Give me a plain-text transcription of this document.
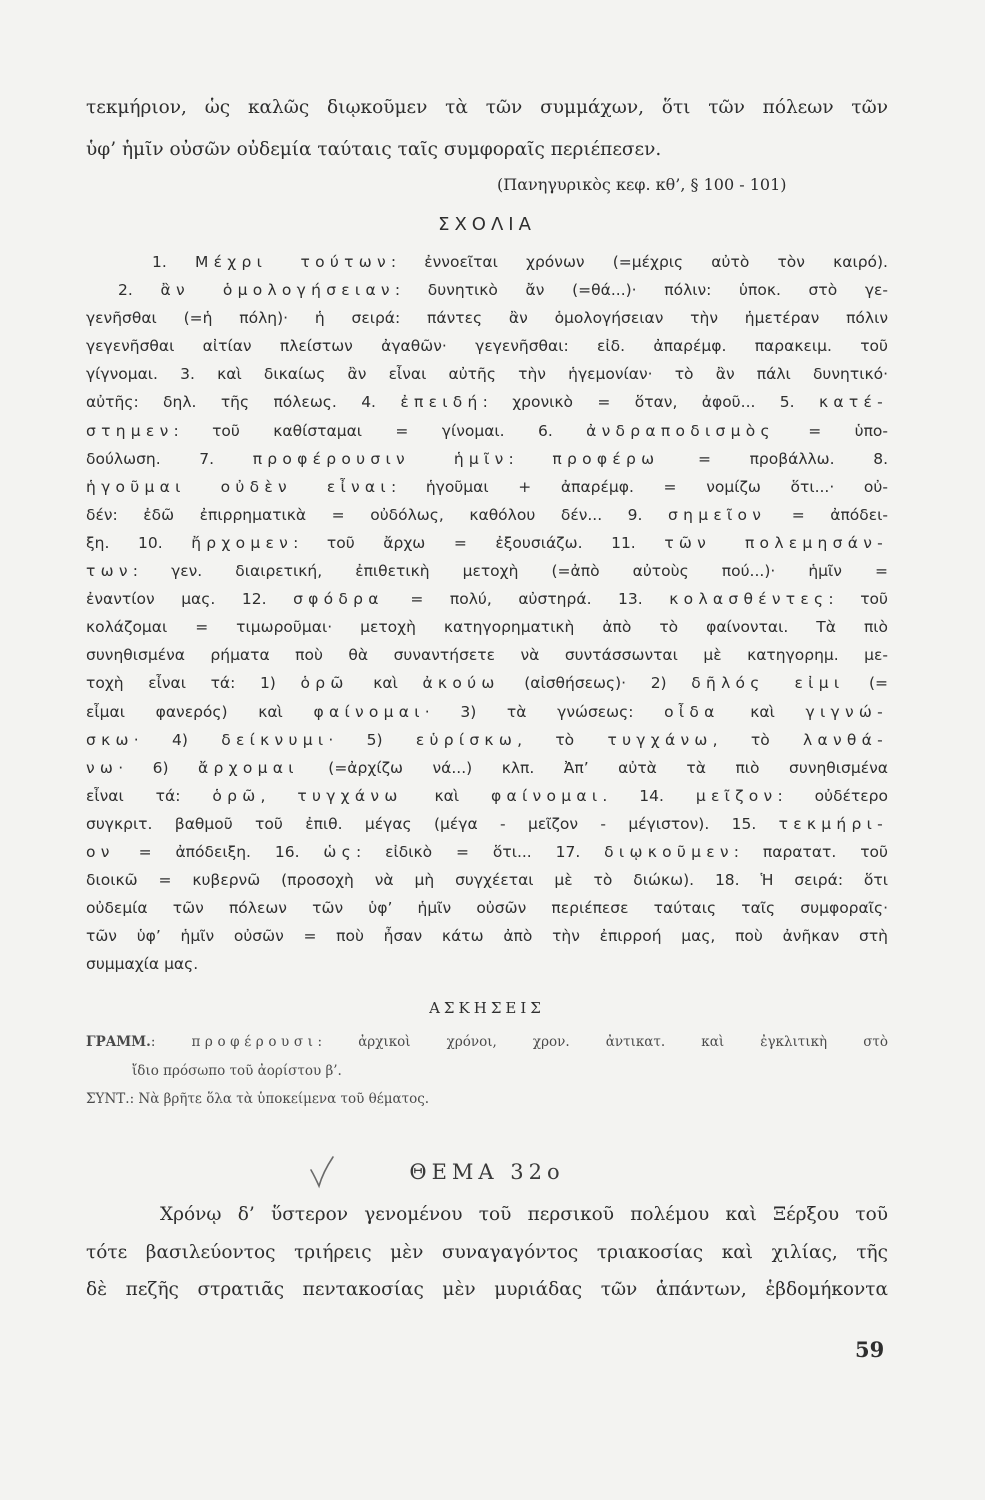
τεκμήριον, ὡς καλῶς διῳκοῦμεν τὰ τῶν συμμάχων, ὅτι τῶν πόλεων τῶν
ὑφ’ ἡμῖν οὐσῶν οὐδεμία ταύταις ταῖς συμφοραῖς περιέπεσεν.
(Πανηγυρικὸς κεφ. κθ’, § 100 - 101)
ΣΧΟΛΙΑ
1. Μέχρι τούτων: ἐννοεῖται χρόνων (=μέχρις αὐτὸ τὸν καιρό).
2. ἂν ὁμολογήσειαν: δυνητικὸ ἄν (=θά...)· πόλιν: ὑποκ. στὸ γε-
γενῆσθαι (=ἡ πόλη)· ἡ σειρά: πάντες ἂν ὁμολογήσειαν τὴν ἡμετέραν πόλιν
γεγενῆσθαι αἰτίαν πλείστων ἀγαθῶν· γεγενῆσθαι: εἰδ. ἀπαρέμφ. παρακειμ. τοῦ
γίγνομαι. 3. καὶ δικαίως ἂν εἶναι αὐτῆς τὴν ἡγεμονίαν· τὸ ἂν πάλι δυνητικό·
αὐτῆς: δηλ. τῆς πόλεως. 4. ἐπειδή: χρονικὸ = ὅταν, ἀφοῦ... 5. κατέ-
στημεν: τοῦ καθίσταμαι = γίνομαι. 6. ἀνδραποδισμὸς = ὑπο-
δούλωση. 7. προφέρουσιν ἡμῖν: προφέρω = προβάλλω. 8.
ἡγοῦμαι οὐδὲν εἶναι: ἡγοῦμαι + ἀπαρέμφ. = νομίζω ὅτι...· οὐ-
δέν: ἐδῶ ἐπιρρηματικὰ = οὐδόλως, καθόλου δέν... 9. σημεῖον = ἀπόδει-
ξη. 10. ἤρχομεν: τοῦ ἄρχω = ἐξουσιάζω. 11. τῶν πολεμησάν-
των: γεν. διαιρετική, ἐπιθετικὴ μετοχὴ (=ἀπὸ αὐτοὺς πού...)· ἡμῖν =
ἐναντίον μας. 12. σφόδρα = πολύ, αὐστηρά. 13. κολασθέντες: τοῦ
κολάζομαι = τιμωροῦμαι· μετοχὴ κατηγορηματικὴ ἀπὸ τὸ φαίνονται. Τὰ πιὸ
συνηθισμένα ρήματα ποὺ θὰ συναντήσετε νὰ συντάσσωνται μὲ κατηγορημ. με-
τοχὴ εἶναι τά: 1) ὁρῶ καὶ ἀκούω (αἰσθήσεως)· 2) δῆλός εἰμι (=
εἶμαι φανερός) καὶ φαίνομαι· 3) τὰ γνώσεως: οἶδα καὶ γιγνώ-
σκω· 4) δείκνυμι· 5) εὑρίσκω, τὸ τυγχάνω, τὸ λανθά-
νω· 6) ἄρχομαι (=ἀρχίζω νά...) κλπ. Ἀπ’ αὐτὰ τὰ πιὸ συνηθισμένα
εἶναι τά: ὁρῶ, τυγχάνω καὶ φαίνομαι. 14. μεῖζον: οὐδέτερο
συγκριτ. βαθμοῦ τοῦ ἐπιθ. μέγας (μέγα - μεῖζον - μέγιστον). 15. τεκμήρι-
ον = ἀπόδειξη. 16. ὡς: εἰδικὸ = ὅτι... 17. διῳκοῦμεν: παρατατ. τοῦ
διοικῶ = κυβερνῶ (προσοχὴ νὰ μὴ συγχέεται μὲ τὸ διώκω). 18. Ἡ σειρά: ὅτι
οὐδεμία τῶν πόλεων τῶν ὑφ’ ἡμῖν οὐσῶν περιέπεσε ταύταις ταῖς συμφοραῖς·
τῶν ὑφ’ ἡμῖν οὐσῶν = ποὺ ἦσαν κάτω ἀπὸ τὴν ἐπιρροή μας, ποὺ ἀνῆκαν στὴ
συμμαχία μας.
ΑΣΚΗΣΕΙΣ
ΓΡΑΜΜ.: προφέρουσι: ἀρχικοὶ χρόνοι, χρον. ἀντικατ. καὶ ἐγκλιτικὴ στὸ
ἴδιο πρόσωπο τοῦ ἀορίστου β’.
ΣΥΝΤ.: Νὰ βρῆτε ὅλα τὰ ὑποκείμενα τοῦ θέματος.
ΘΕΜΑ 32ο
Χρόνῳ δ’ ὕστερον γενομένου τοῦ περσικοῦ πολέμου καὶ Ξέρξου τοῦ
τότε βασιλεύοντος τριήρεις μὲν συναγαγόντος τριακοσίας καὶ χιλίας, τῆς
δὲ πεζῆς στρατιᾶς πεντακοσίας μὲν μυριάδας τῶν ἁπάντων, ἑβδομήκοντα
59
